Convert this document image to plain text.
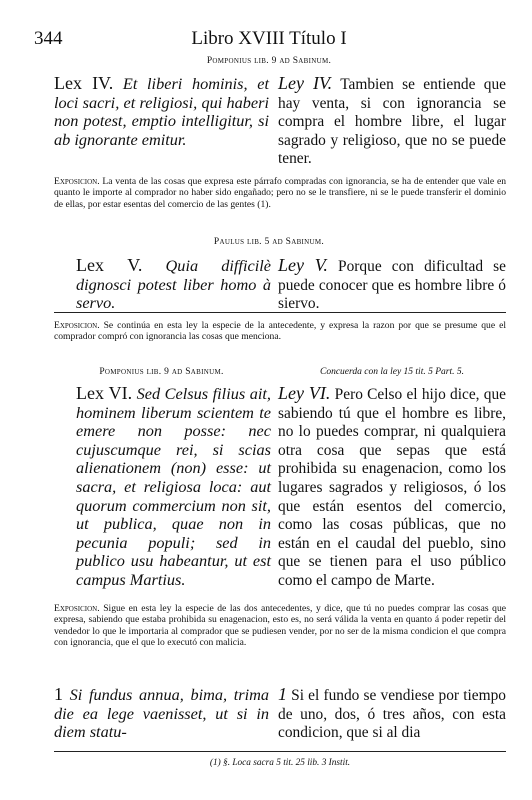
344	Libro XVIII Título I
Pomponius lib. 9 ad Sabinum.
Lex IV. Et liberi hominis, et loci sacri, et religiosi, qui haberi non potest, emptio intelligitur, si ab ignorante emitur.
Ley IV. Tambien se entiende que hay venta, si con ignorancia se compra el hombre libre, el lugar sagrado y religioso, que no se puede tener.
Exposicion. La venta de las cosas que expresa este párrafo compradas con ignorancia, se ha de entender que vale en quanto le importe al comprador no haber sido engañado; pero no se le transfiere, ni se le puede transferir el dominio de ellas, por estar esentas del comercio de las gentes (1).
Paulus lib. 5 ad Sabinum.
Lex V. Quia difficilè dignosci potest liber homo à servo.
Ley V. Porque con dificultad se puede conocer que es hombre libre ó siervo.
Exposicion. Se continúa en esta ley la especie de la antecedente, y expresa la razon por que se presume que el comprador compró con ignorancia las cosas que menciona.
Pomponius lib. 9 ad Sabinum.	Concuerda con la ley 15 tit. 5 Part. 5.
Lex VI. Sed Celsus filius ait, hominem liberum scientem te emere non posse: nec cujuscumque rei, si scias alienationem (non) esse: ut sacra, et religiosa loca: aut quorum commercium non sit, ut publica, quae non in pecunia populi; sed in publico usu habeantur, ut est campus Martius.
Ley VI. Pero Celso el hijo dice, que sabiendo tú que el hombre es libre, no lo puedes comprar, ni qualquiera otra cosa que sepas que está prohibida su enagenacion, como los lugares sagrados y religiosos, ó los que están esentos del comercio, como las cosas públicas, que no están en el caudal del pueblo, sino que se tienen para el uso público como el campo de Marte.
Exposicion. Sigue en esta ley la especie de las dos antecedentes, y dice, que tú no puedes comprar las cosas que expresa, sabiendo que estaba prohibida su enagenacion, esto es, no será válida la venta en quanto á poder repetir del vendedor lo que le importaria al comprador que se pudiesen vender, por no ser de la misma condicion el que compra con ignorancia, que el que lo executó con malicia.
1 Si fundus annua, bima, trima die ea lege vaenisset, ut si in diem statu-
1 Si el fundo se vendiese por tiempo de uno, dos, ó tres años, con esta condicion, que si al dia
(1) §. Loca sacra 5 tit. 25 lib. 3 Instit.
